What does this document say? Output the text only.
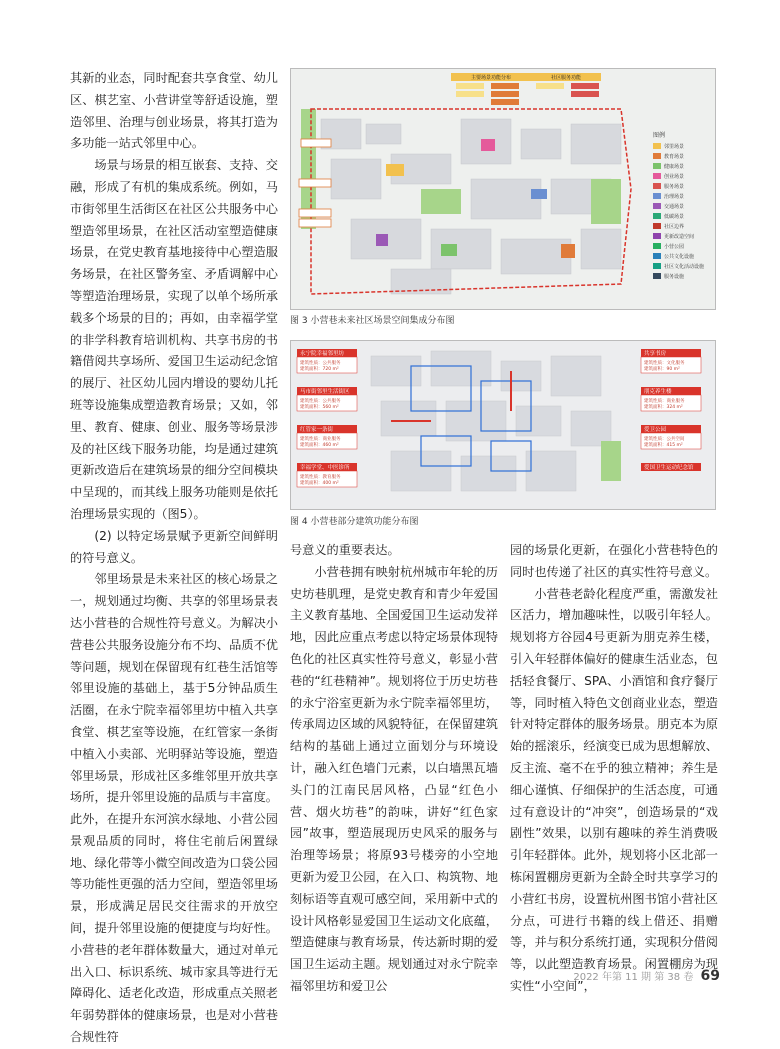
其新的业态，同时配套共享食堂、幼儿区、棋艺室、小营讲堂等舒适设施，塑造邻里、治理与创业场景，将其打造为多功能一站式邻里中心。

场景与场景的相互嵌套、支持、交融，形成了有机的集成系统。例如，马市街邻里生活街区在社区公共服务中心塑造邻里场景，在社区活动室塑造健康场景，在党史教育基地接待中心塑造服务场景，在社区警务室、矛盾调解中心等塑造治理场景，实现了以单个场所承载多个场景的目的；再如，由幸福学堂的非学科教育培训机构、共享书房的书籍借阅共享场所、爱国卫生运动纪念馆的展厅、社区幼儿园内增设的婴幼儿托班等设施集成塑造教育场景；又如，邻里、教育、健康、创业、服务等场景涉及的社区线下服务功能，均是通过建筑更新改造后在建筑场景的细分空间模块中呈现的，而其线上服务功能则是依托治理场景实现的（图5）。

(2) 以特定场景赋予更新空间鲜明的符号意义。

邻里场景是未来社区的核心场景之一，规划通过均衡、共享的邻里场景表达小营巷的合规性符号意义。为解决小营巷公共服务设施分布不均、品质不优等问题，规划在保留现有红巷生活馆等邻里设施的基础上，基于5分钟品质生活圈，在永宁院幸福邻里坊中植入共享食堂、棋艺室等设施，在红管家一条街中植入小卖部、光明驿站等设施，塑造邻里场景，形成社区多维邻里开放共享场所，提升邻里设施的品质与丰富度。此外，在提升东河滨水绿地、小营公园景观品质的同时，将住宅前后闲置绿地、绿化带等小微空间改造为口袋公园等功能性更强的活力空间，塑造邻里场景，形成满足居民交往需求的开放空间，提升邻里设施的便捷度与均好性。小营巷的老年群体数量大，通过对单元出入口、标识系统、城市家具等进行无障碍化、适老化改造，形成重点关照老年弱势群体的健康场景，也是对小营巷合规性符

主要场景功能分布	社区服务功能
图例
邻里场景
教育场景
健康场景
创业场景
服务场景
治理场景
交通场景
低碳场景
社区边界
更新改造空间
小营公园
公共文化设施
社区文化活动设施
服务设施
图 3 小营巷未来社区场景空间集成分布图
永宁院幸福邻里坊
建筑性质：公共服务
建筑面积：720 m²
马市街邻里生活街区
建筑性质：公共服务
建筑面积：560 m²
红管家一条街
建筑性质：商业服务
建筑面积：460 m²
幸福学堂、中医诊所
建筑性质：教育服务
建筑面积：400 m²
共享书房
建筑性质：文化服务
建筑面积：90 m²
朋克养生楼
建筑性质：商业服务
建筑面积：324 m²
爱卫公园
建筑性质：公共空间
建筑面积：415 m²
爱国卫生运动纪念馆
图 4 小营巷部分建筑功能分布图

号意义的重要表达。

小营巷拥有映射杭州城市年轮的历史坊巷肌理，是党史教育和青少年爱国主义教育基地、全国爱国卫生运动发祥地，因此应重点考虑以特定场景体现特色化的社区真实性符号意义，彰显小营巷的“红巷精神”。规划将位于历史坊巷的永宁浴室更新为永宁院幸福邻里坊，传承周边区域的风貌特征，在保留建筑结构的基础上通过立面划分与环境设计，融入红色墙门元素，以白墙黑瓦墙头门的江南民居风格，凸显“红色小营、烟火坊巷”的韵味，讲好“红色家园”故事，塑造展现历史风采的服务与治理等场景；将原93号楼旁的小空地更新为爱卫公园，在入口、构筑物、地刻标语等直观可感空间，采用新中式的设计风格彰显爱国卫生运动文化底蕴，塑造健康与教育场景，传达新时期的爱国卫生运动主题。规划通过对永宁院幸福邻里坊和爱卫公

园的场景化更新，在强化小营巷特色的同时也传递了社区的真实性符号意义。

小营巷老龄化程度严重，需激发社区活力，增加趣味性，以吸引年轻人。规划将方谷园4号更新为朋克养生楼，引入年轻群体偏好的健康生活业态，包括轻食餐厅、SPA、小酒馆和食疗餐厅等，同时植入特色文创商业业态，塑造针对特定群体的服务场景。朋克本为原始的摇滚乐，经演变已成为思想解放、反主流、毫不在乎的独立精神；养生是细心谨慎、仔细保护的生活态度，可通过有意设计的“冲突”，创造场景的“戏剧性”效果，以别有趣味的养生消费吸引年轻群体。此外，规划将小区北部一栋闲置棚房更新为全龄全时共享学习的小营红书房，设置杭州图书馆小营社区分点，可进行书籍的线上借还、捐赠等，并与积分系统打通，实现积分借阅等，以此塑造教育场景。闲置棚房为现实性“小空间”，

2022 年第 11 期 第 38 卷 69
